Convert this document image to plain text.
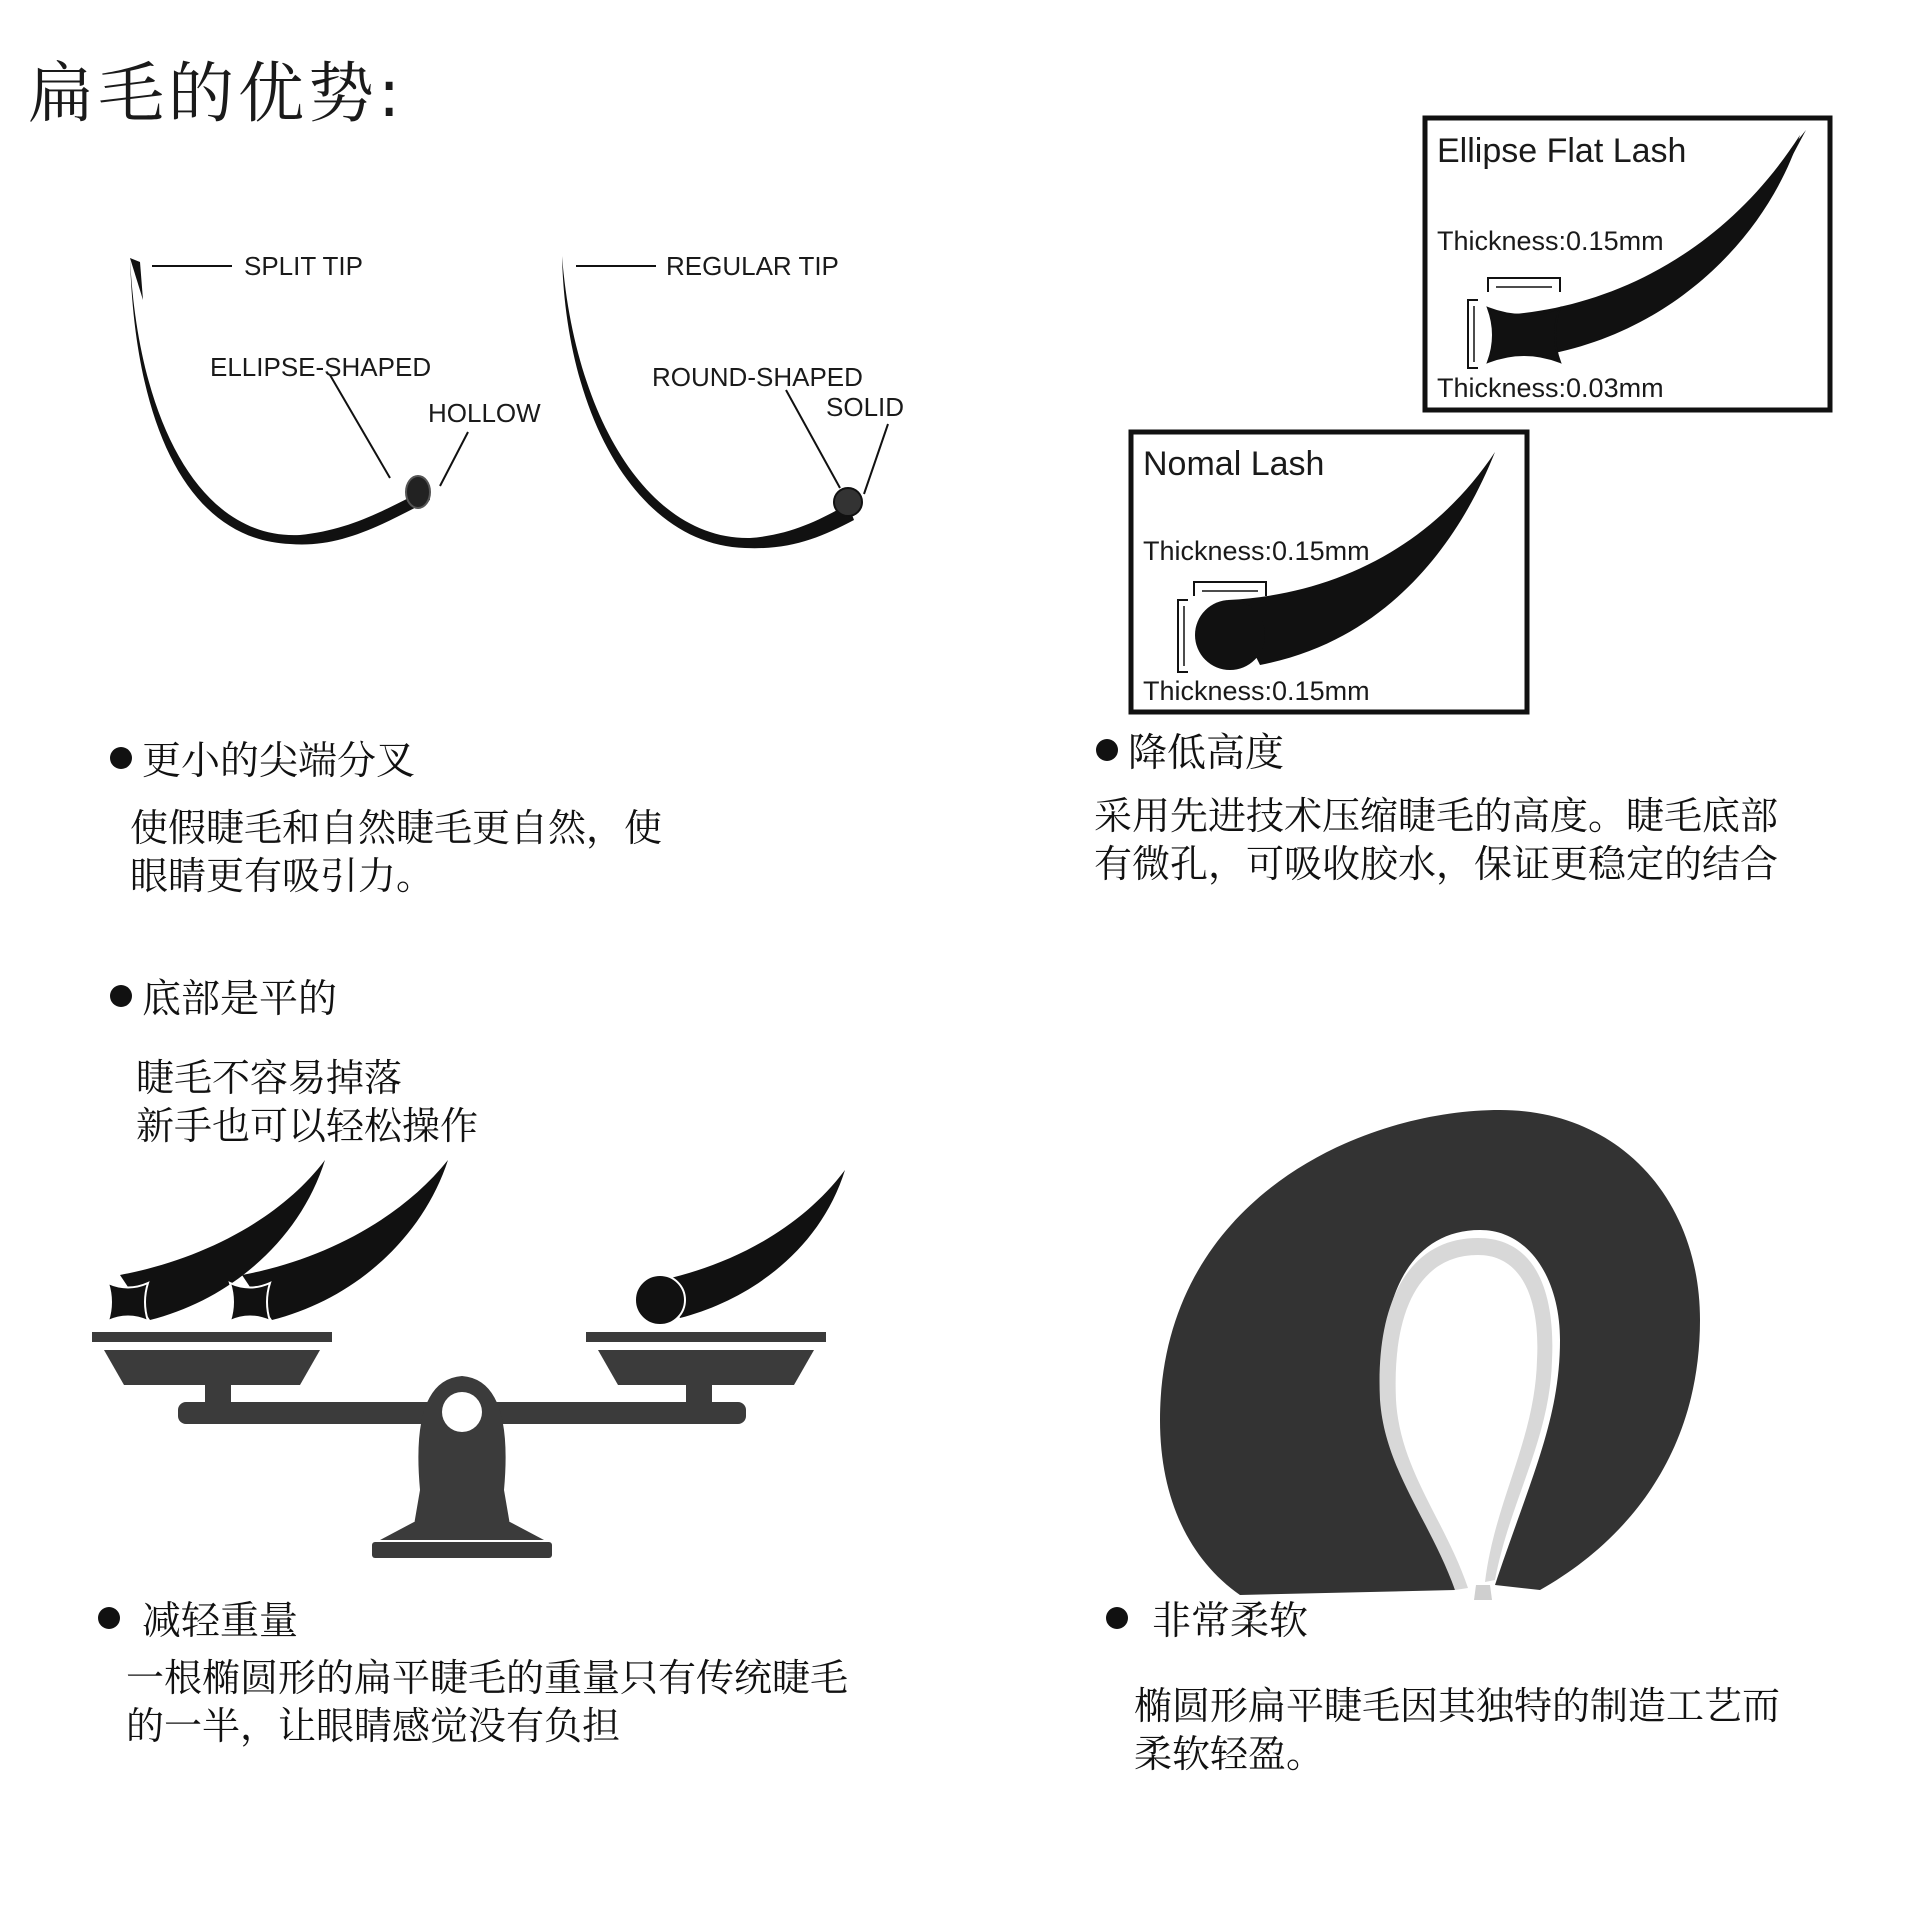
扁毛的优势:
SPLIT TIP
ELLIPSE-SHAPED
HOLLOW
REGULAR TIP
ROUND-SHAPED
SOLID
Ellipse Flat Lash
Thickness:0.15mm
Thickness:0.03mm
Nomal Lash
Thickness:0.15mm
Thickness:0.15mm
更小的尖端分叉
使假睫毛和自然睫毛更自然，使
眼睛更有吸引力。
降低高度
采用先进技术压缩睫毛的高度。睫毛底部
有微孔，可吸收胶水，保证更稳定的结合
底部是平的
睫毛不容易掉落
新手也可以轻松操作
减轻重量
一根椭圆形的扁平睫毛的重量只有传统睫毛
的一半，让眼睛感觉没有负担
非常柔软
椭圆形扁平睫毛因其独特的制造工艺而
柔软轻盈。
